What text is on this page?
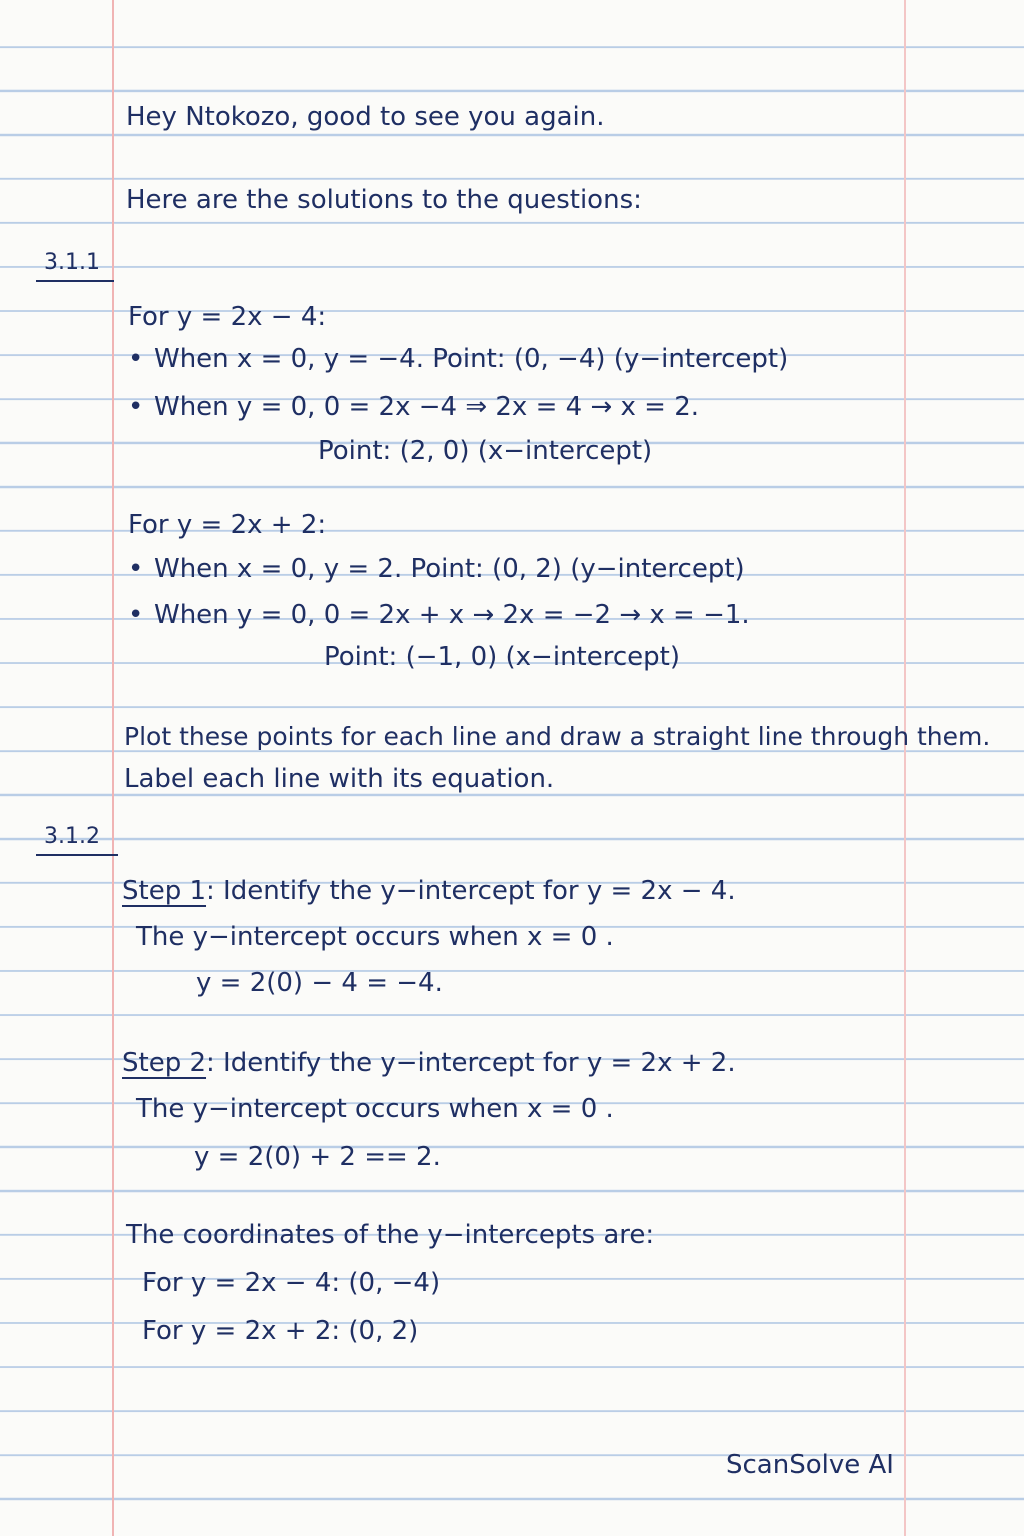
Hey Ntokozo, good to see you again.
Here are the solutions to the questions:
3.1.1
For y = 2x − 4:
• When x = 0, y = −4. Point: (0, −4) (y−intercept)
• When y = 0, 0 = 2x −4 ⇒ 2x = 4 → x = 2.
Point: (2, 0) (x−intercept)
For y = 2x + 2:
• When x = 0, y = 2. Point: (0, 2) (y−intercept)
• When y = 0, 0 = 2x + x → 2x = −2 → x = −1.
Point: (−1, 0) (x−intercept)
Plot these points for each line and draw a straight line through them.
Label each line with its equation.
3.1.2
Step 1: Identify the y−intercept for y = 2x − 4.
The y−intercept occurs when x = 0 .
y = 2(0) − 4 = −4.
Step 2: Identify the y−intercept for y = 2x + 2.
The y−intercept occurs when x = 0 .
y = 2(0) + 2 == 2.
The coordinates of the y−intercepts are:
For y = 2x − 4: (0, −4)
For y = 2x + 2: (0, 2)
ScanSolve AI
